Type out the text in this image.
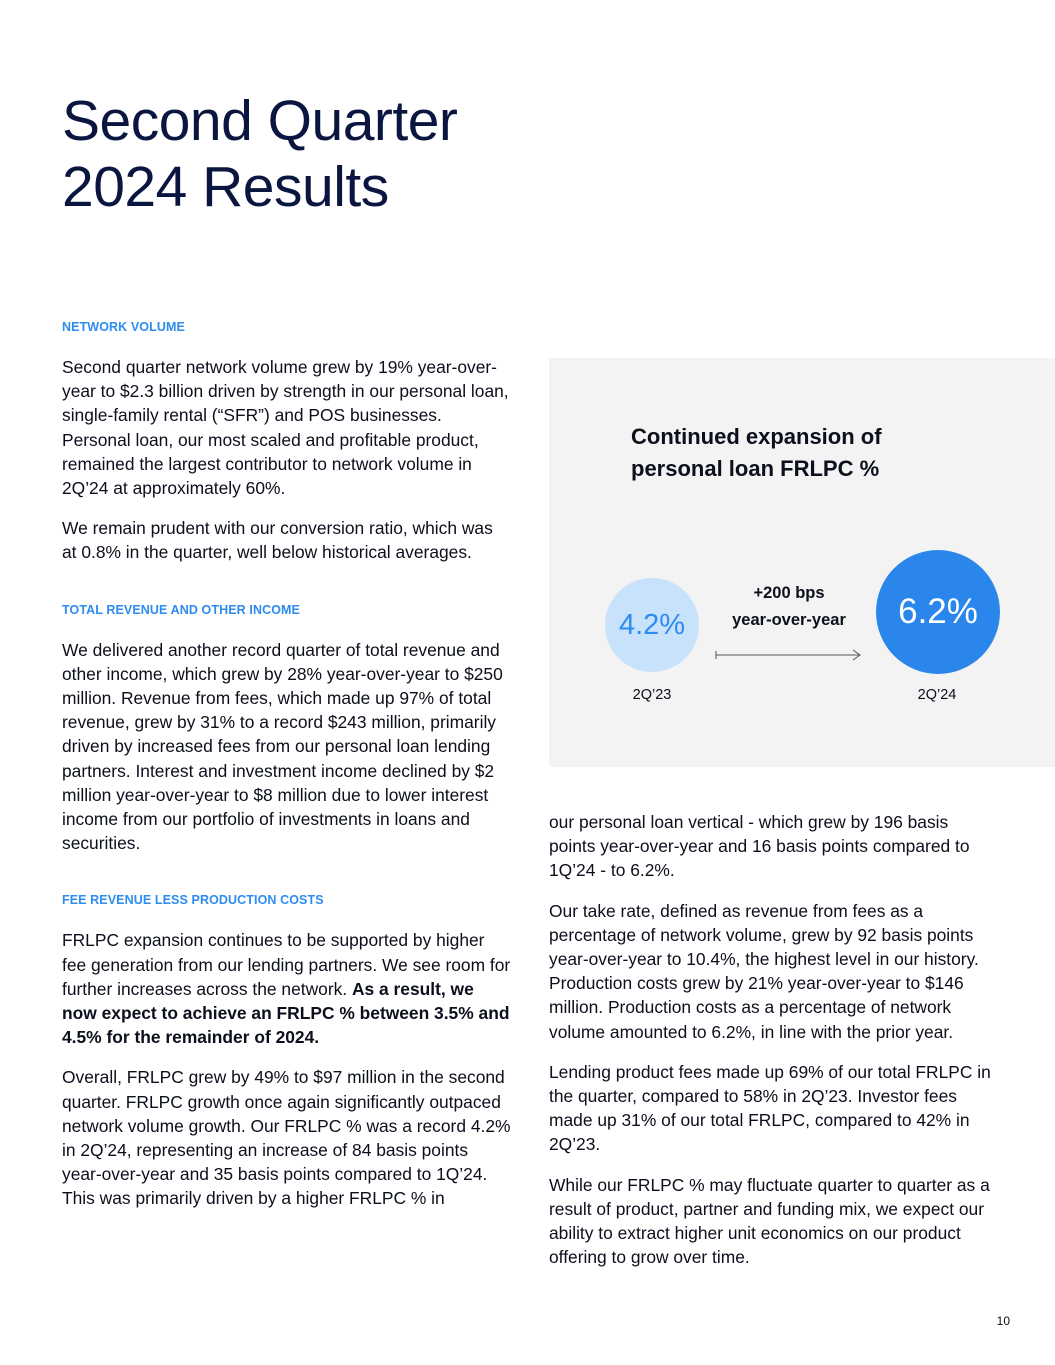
Second Quarter
2024 Results
NETWORK VOLUME

Second quarter network volume grew by 19% year-over-year to $2.3 billion driven by strength in our personal loan, single-family rental (“SFR”) and POS businesses. Personal loan, our most scaled and profitable product, remained the largest contributor to network volume in 2Q’24 at approximately 60%.

We remain prudent with our conversion ratio, which was at 0.8% in the quarter, well below historical averages.

TOTAL REVENUE AND OTHER INCOME

We delivered another record quarter of total revenue and other income, which grew by 28% year-over-year to $250 million. Revenue from fees, which made up 97% of total revenue, grew by 31% to a record $243 million, primarily driven by increased fees from our personal loan lending partners. Interest and investment income declined by $2 million year-over-year to $8 million due to lower interest income from our portfolio of investments in loans and securities.

FEE REVENUE LESS PRODUCTION COSTS

FRLPC expansion continues to be supported by higher fee generation from our lending partners. We see room for further increases across the network. As a result, we now expect to achieve an FRLPC % between 3.5% and 4.5% for the remainder of 2024.

Overall, FRLPC grew by 49% to $97 million in the second quarter. FRLPC growth once again significantly outpaced network volume growth. Our FRLPC % was a record 4.2% in 2Q’24, representing an increase of 84 basis points year-over-year and 35 basis points compared to 1Q’24. This was primarily driven by a higher FRLPC % in

Continued expansion of personal loan FRLPC %
4.2%
+200 bps
year-over-year	6.2%
2Q’23	2Q’24

our personal loan vertical - which grew by 196 basis points year-over-year and 16 basis points compared to 1Q’24 - to 6.2%.

Our take rate, defined as revenue from fees as a percentage of network volume, grew by 92 basis points year-over-year to 10.4%, the highest level in our history. Production costs grew by 21% year-over-year to $146 million. Production costs as a percentage of network volume amounted to 6.2%, in line with the prior year.

Lending product fees made up 69% of our total FRLPC in the quarter, compared to 58% in 2Q’23. Investor fees made up 31% of our total FRLPC, compared to 42% in 2Q’23.

While our FRLPC % may fluctuate quarter to quarter as a result of product, partner and funding mix, we expect our ability to extract higher unit economics on our product offering to grow over time.

10
